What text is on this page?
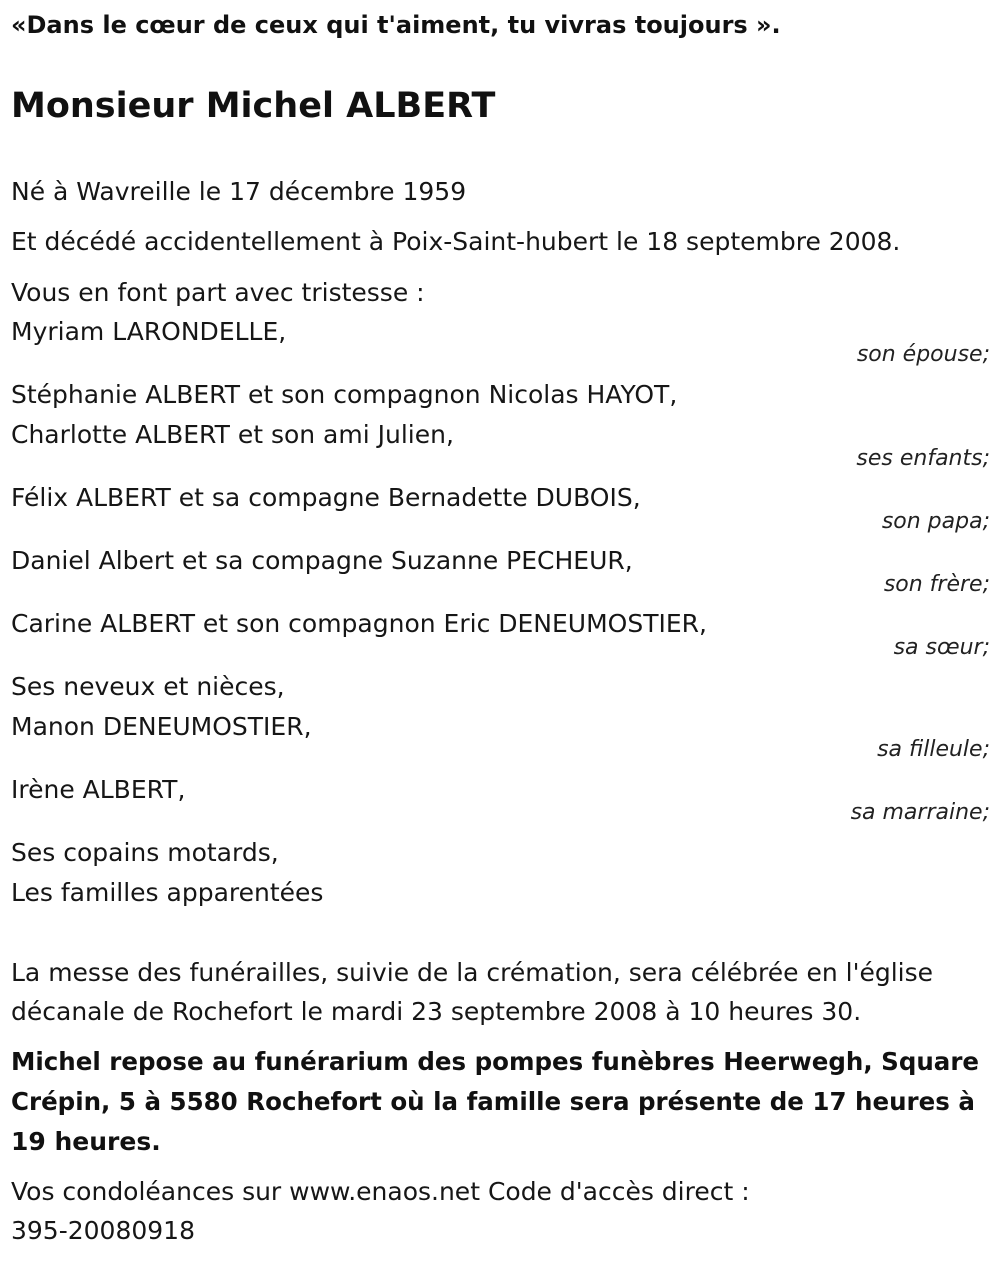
«Dans le cœur de ceux qui t'aiment, tu vivras toujours ».
Monsieur Michel ALBERT
Né à Wavreille le 17 décembre 1959
Et décédé accidentellement à Poix-Saint-hubert le 18 septembre 2008.
Vous en font part avec tristesse :
Myriam LARONDELLE,
son épouse;
Stéphanie ALBERT et son compagnon Nicolas HAYOT,
Charlotte ALBERT et son ami Julien,
ses enfants;
Félix ALBERT et sa compagne Bernadette DUBOIS,
son papa;
Daniel Albert et sa compagne Suzanne PECHEUR,
son frère;
Carine ALBERT et son compagnon Eric DENEUMOSTIER,
sa sœur;
Ses neveux et nièces,
Manon DENEUMOSTIER,
sa filleule;
Irène ALBERT,
sa marraine;
Ses copains motards,
Les familles apparentées
La messe des funérailles, suivie de la crémation, sera célébrée en l'église
décanale de Rochefort le mardi 23 septembre 2008 à 10 heures 30.
Michel repose au funérarium des pompes funèbres Heerwegh, Square
Crépin, 5 à 5580 Rochefort où la famille sera présente de 17 heures à
19 heures.
Vos condoléances sur www.enaos.net Code d'accès direct :
395-20080918
